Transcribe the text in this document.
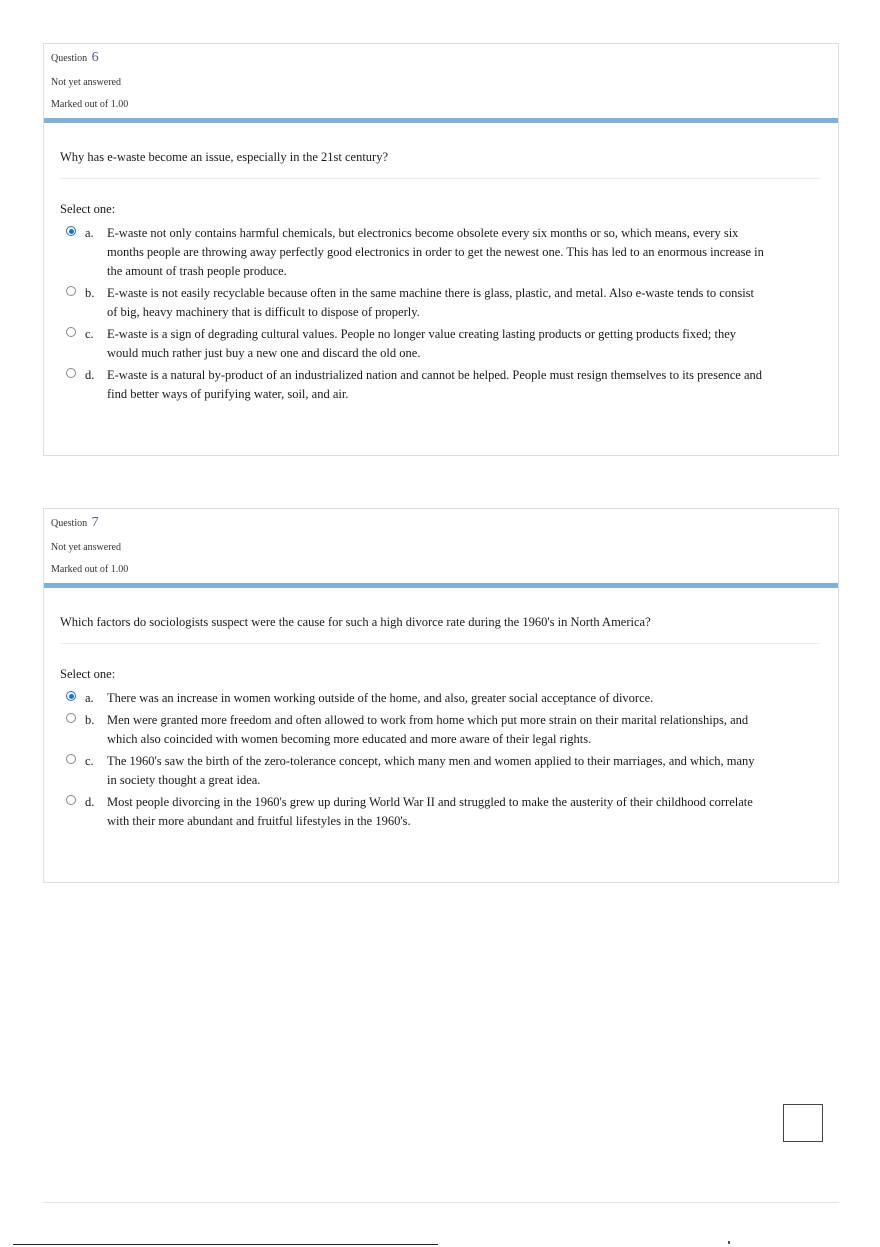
Question 6
Not yet answered
Marked out of 1.00
Why has e-waste become an issue, especially in the 21st century?
Select one:
a. E-waste not only contains harmful chemicals, but electronics become obsolete every six months or so, which means, every six months people are throwing away perfectly good electronics in order to get the newest one. This has led to an enormous increase in the amount of trash people produce.
b. E-waste is not easily recyclable because often in the same machine there is glass, plastic, and metal. Also e-waste tends to consist of big, heavy machinery that is difficult to dispose of properly.
c. E-waste is a sign of degrading cultural values. People no longer value creating lasting products or getting products fixed; they would much rather just buy a new one and discard the old one.
d. E-waste is a natural by-product of an industrialized nation and cannot be helped. People must resign themselves to its presence and find better ways of purifying water, soil, and air.
Question 7
Not yet answered
Marked out of 1.00
Which factors do sociologists suspect were the cause for such a high divorce rate during the 1960's in North America?
Select one:
a. There was an increase in women working outside of the home, and also, greater social acceptance of divorce.
b. Men were granted more freedom and often allowed to work from home which put more strain on their marital relationships, and which also coincided with women becoming more educated and more aware of their legal rights.
c. The 1960's saw the birth of the zero-tolerance concept, which many men and women applied to their marriages, and which, many in society thought a great idea.
d. Most people divorcing in the 1960's grew up during World War II and struggled to make the austerity of their childhood correlate with their more abundant and fruitful lifestyles in the 1960's.
